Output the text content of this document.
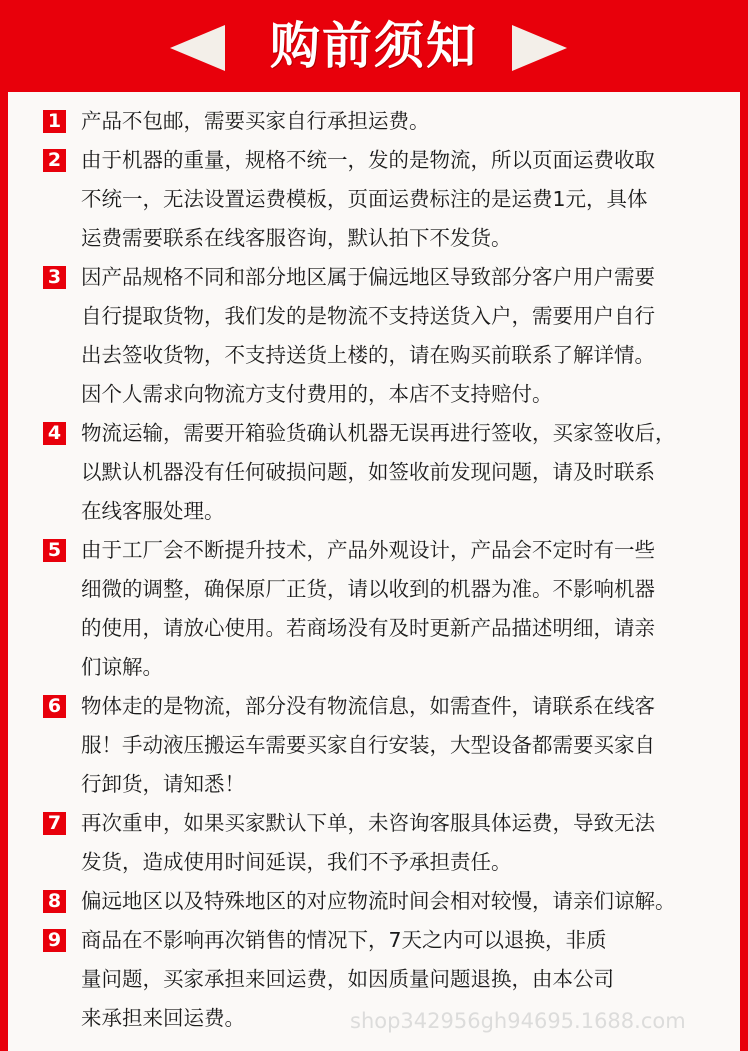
购前须知
1 产品不包邮，需要买家自行承担运费。
2 由于机器的重量，规格不统一，发的是物流，所以页面运费收取
不统一，无法设置运费模板，页面运费标注的是运费1元，具体
运费需要联系在线客服咨询，默认拍下不发货。
3 因产品规格不同和部分地区属于偏远地区导致部分客户用户需要
自行提取货物，我们发的是物流不支持送货入户，需要用户自行
出去签收货物，不支持送货上楼的，请在购买前联系了解详情。
因个人需求向物流方支付费用的，本店不支持赔付。
4 物流运输，需要开箱验货确认机器无误再进行签收，买家签收后，
以默认机器没有任何破损问题，如签收前发现问题，请及时联系
在线客服处理。
5 由于工厂会不断提升技术，产品外观设计，产品会不定时有一些
细微的调整，确保原厂正货，请以收到的机器为准。不影响机器
的使用，请放心使用。若商场没有及时更新产品描述明细，请亲
们谅解。
6 物体走的是物流，部分没有物流信息，如需查件，请联系在线客
服！手动液压搬运车需要买家自行安装，大型设备都需要买家自
行卸货，请知悉！
7 再次重申，如果买家默认下单，未咨询客服具体运费，导致无法
发货，造成使用时间延误，我们不予承担责任。
8 偏远地区以及特殊地区的对应物流时间会相对较慢，请亲们谅解。
9 商品在不影响再次销售的情况下，7天之内可以退换，非质
量问题，买家承担来回运费，如因质量问题退换，由本公司
来承担来回运费。	shop342956gh94695.1688.com
